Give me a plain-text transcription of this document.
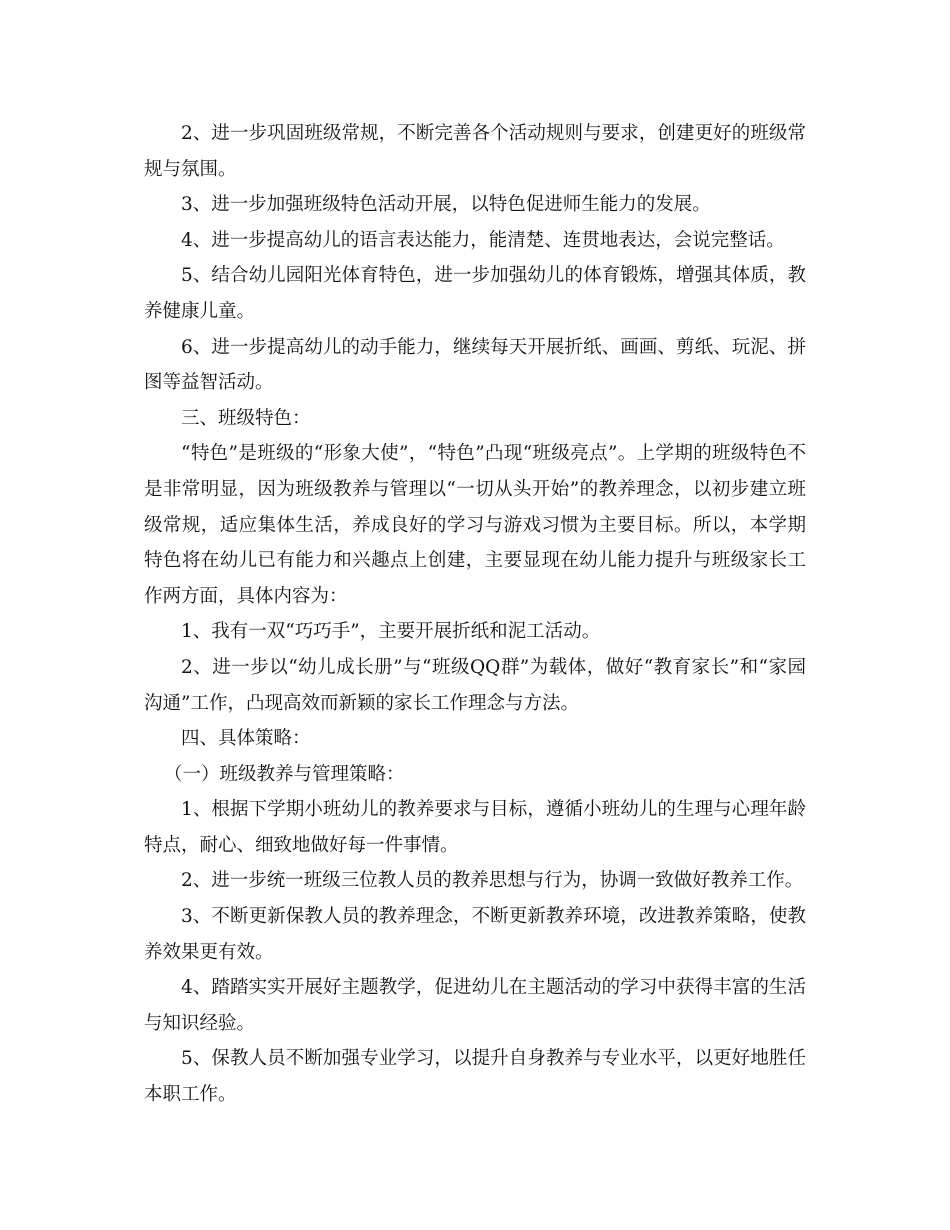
2、进一步巩固班级常规，不断完善各个活动规则与要求，创建更好的班级常规与氛围。

3、进一步加强班级特色活动开展，以特色促进师生能力的发展。

4、进一步提高幼儿的语言表达能力，能清楚、连贯地表达，会说完整话。

5、结合幼儿园阳光体育特色，进一步加强幼儿的体育锻炼，增强其体质，教养健康儿童。

6、进一步提高幼儿的动手能力，继续每天开展折纸、画画、剪纸、玩泥、拼图等益智活动。

三、班级特色：

“特色”是班级的“形象大使”，“特色”凸现“班级亮点”。上学期的班级特色不是非常明显，因为班级教养与管理以“一切从头开始”的教养理念，以初步建立班级常规，适应集体生活，养成良好的学习与游戏习惯为主要目标。所以，本学期特色将在幼儿已有能力和兴趣点上创建，主要显现在幼儿能力提升与班级家长工作两方面，具体内容为：

1、我有一双“巧巧手”，主要开展折纸和泥工活动。

2、进一步以“幼儿成长册”与“班级QQ群”为载体，做好“教育家长”和“家园沟通”工作，凸现高效而新颖的家长工作理念与方法。

四、具体策略：

（一）班级教养与管理策略：

1、根据下学期小班幼儿的教养要求与目标，遵循小班幼儿的生理与心理年龄特点，耐心、细致地做好每一件事情。

2、进一步统一班级三位教人员的教养思想与行为，协调一致做好教养工作。

3、不断更新保教人员的教养理念，不断更新教养环境，改进教养策略，使教养效果更有效。

4、踏踏实实开展好主题教学，促进幼儿在主题活动的学习中获得丰富的生活与知识经验。

5、保教人员不断加强专业学习，以提升自身教养与专业水平，以更好地胜任本职工作。
